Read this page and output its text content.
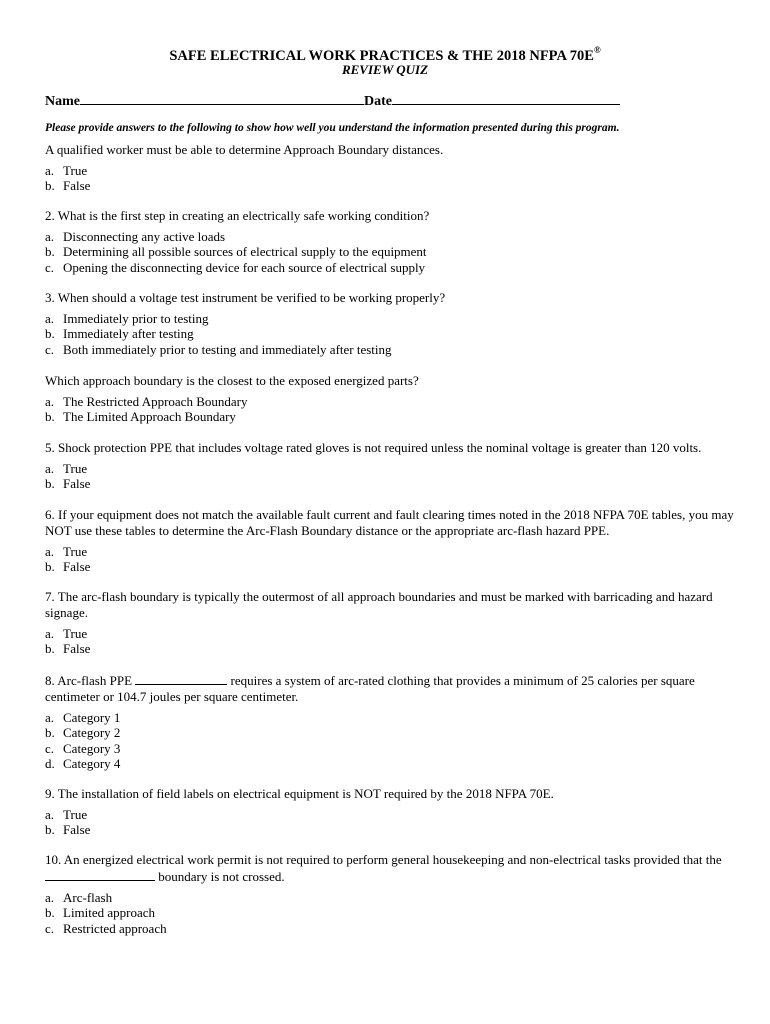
SAFE ELECTRICAL WORK PRACTICES & THE 2018 NFPA 70E®
REVIEW QUIZ
Name	Date
Please provide answers to the following to show how well you understand the information presented during this program.
A qualified worker must be able to determine Approach Boundary distances.
a. True
b. False
2. What is the first step in creating an electrically safe working condition?
a. Disconnecting any active loads
b. Determining all possible sources of electrical supply to the equipment
c. Opening the disconnecting device for each source of electrical supply
3. When should a voltage test instrument be verified to be working properly?
a. Immediately prior to testing
b. Immediately after testing
c. Both immediately prior to testing and immediately after testing
Which approach boundary is the closest to the exposed energized parts?
a. The Restricted Approach Boundary
b. The Limited Approach Boundary
5. Shock protection PPE that includes voltage rated gloves is not required unless the nominal voltage is greater than 120 volts.
a. True
b. False
6. If your equipment does not match the available fault current and fault clearing times noted in the 2018 NFPA 70E tables, you may NOT use these tables to determine the Arc-Flash Boundary distance or the appropriate arc-flash hazard PPE.
a. True
b. False
7. The arc-flash boundary is typically the outermost of all approach boundaries and must be marked with barricading and hazard signage.
a. True
b. False
8. Arc-flash PPE	requires a system of arc-rated clothing that provides a minimum of 25 calories per square centimeter or 104.7 joules per square centimeter.
a. Category 1
b. Category 2
c. Category 3
d. Category 4
9. The installation of field labels on electrical equipment is NOT required by the 2018 NFPA 70E.
a. True
b. False
10. An energized electrical work permit is not required to perform general housekeeping and non-electrical tasks provided that the  boundary is not crossed.
a. Arc-flash
b. Limited approach
c. Restricted approach
